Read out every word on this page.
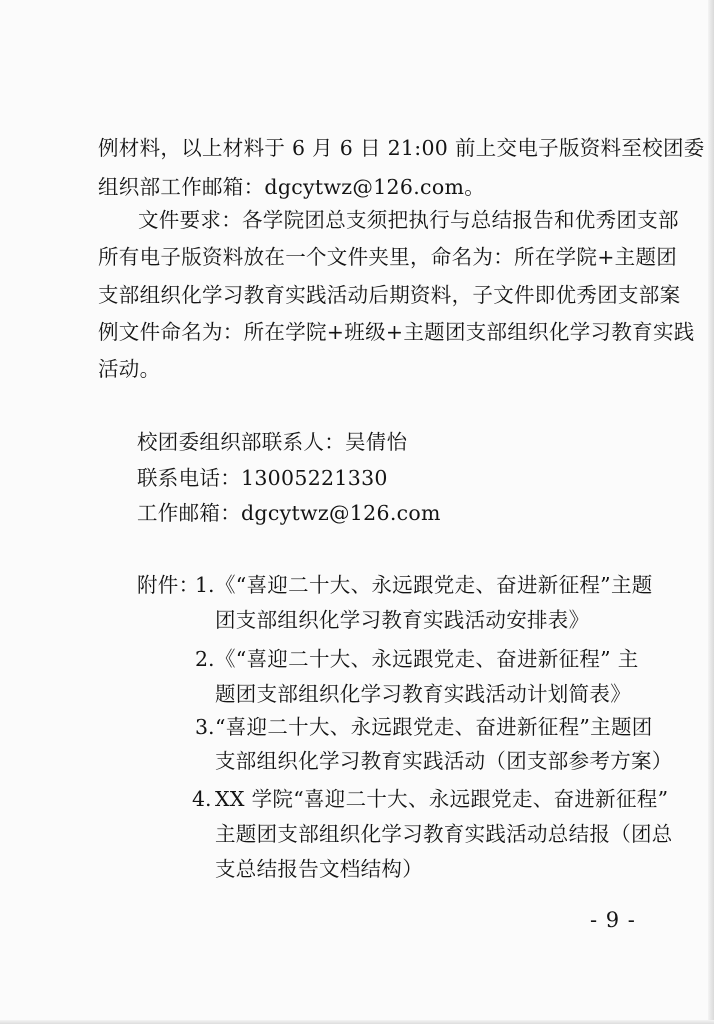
例材料，以上材料于 6 月 6 日 21:00 前上交电子版资料至校团委
组织部工作邮箱：dgcytwz@126.com。
文件要求：各学院团总支须把执行与总结报告和优秀团支部
所有电子版资料放在一个文件夹里，命名为：所在学院+主题团
支部组织化学习教育实践活动后期资料，子文件即优秀团支部案
例文件命名为：所在学院+班级+主题团支部组织化学习教育实践
活动。
校团委组织部联系人：吴倩怡
联系电话：13005221330
工作邮箱：dgcytwz@126.com
附件：
1. 《“喜迎二十大、永远跟党走、奋进新征程”主题
团支部组织化学习教育实践活动安排表》
2. 《“喜迎二十大、永远跟党走、奋进新征程” 主
题团支部组织化学习教育实践活动计划简表》
3. “喜迎二十大、永远跟党走、奋进新征程”主题团
支部组织化学习教育实践活动（团支部参考方案）
4. XX 学院“喜迎二十大、永远跟党走、奋进新征程”
主题团支部组织化学习教育实践活动总结报（团总
支总结报告文档结构）
- 9 -
